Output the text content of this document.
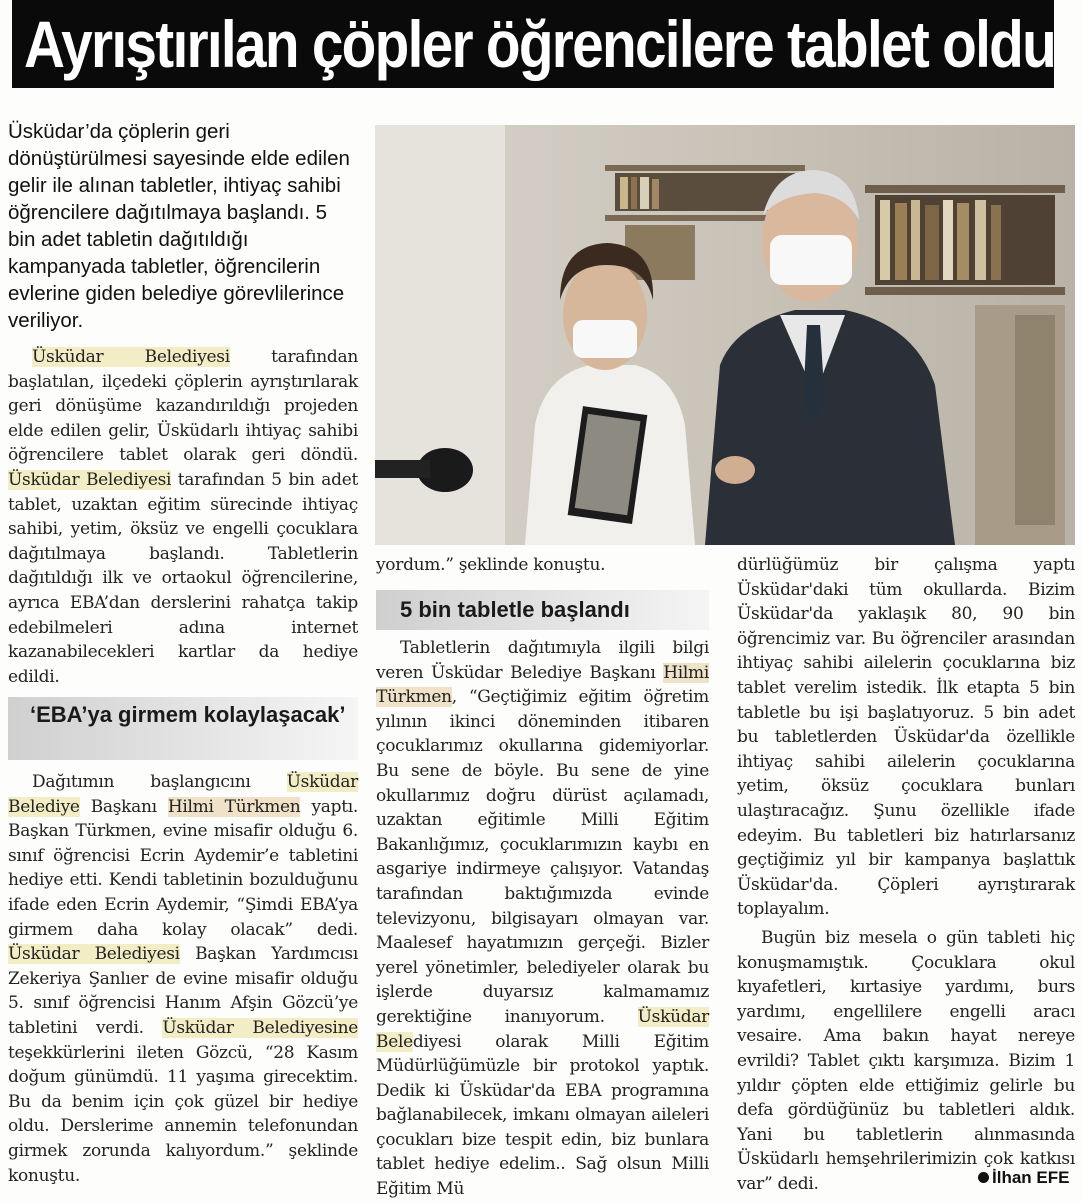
Ayrıştırılan çöpler öğrencilere tablet oldu

Üsküdar’da çöplerin geri dönüştürülmesi sayesinde elde edilen gelir ile alınan tabletler, ihtiyaç sahibi öğrencilere dağıtılmaya başlandı. 5 bin adet tabletin dağıtıldığı kampanyada tabletler, öğrencilerin evlerine giden belediye görevlilerince veriliyor.

Üsküdar Belediyesi tarafından başlatılan, ilçedeki çöplerin ayrıştırılarak geri dönüşüme kazandırıldığı projeden elde edilen gelir, Üsküdarlı ihtiyaç sahibi öğrencilere tablet olarak geri döndü. Üsküdar Belediyesi tarafından 5 bin adet tablet, uzaktan eğitim sürecinde ihtiyaç sahibi, yetim, öksüz ve engelli çocuklara dağıtılmaya başlandı. Tabletlerin dağıtıldığı ilk ve ortaokul öğrencilerine, ayrıca EBA’dan derslerini rahatça takip edebilmeleri adına internet kazanabilecekleri kartlar da hediye edildi.

‘EBA’ya girmem kolaylaşacak’

Dağıtımın başlangıcını Üsküdar Belediye Başkanı Hilmi Türkmen yaptı. Başkan Türkmen, evine misafir olduğu 6. sınıf öğrencisi Ecrin Aydemir’e tabletini hediye etti. Kendi tabletinin bozulduğunu ifade eden Ecrin Aydemir, “Şimdi EBA’ya girmem daha kolay olacak” dedi. Üsküdar Belediyesi Başkan Yardımcısı Zekeriya Şanlıer de evine misafir olduğu 5. sınıf öğrencisi Hanım Afşin Gözcü’ye tabletini verdi. Üsküdar Belediyesine teşekkürlerini ileten Gözcü, “28 Kasım doğum günümdü. 11 yaşıma girecektim. Bu da benim için çok güzel bir hediye oldu. Derslerime annemin telefonundan girmek zorunda kalıyordum.” şeklinde konuştu.

yordum.” şeklinde konuştu.

5 bin tabletle başlandı

Tabletlerin dağıtımıyla ilgili bilgi veren Üsküdar Belediye Başkanı Hilmi Türkmen, “Geçtiğimiz eğitim öğretim yılının ikinci döneminden itibaren çocuklarımız okullarına gidemiyorlar. Bu sene de böyle. Bu sene de yine okullarımız doğru dürüst açılamadı, uzaktan eğitimle Milli Eğitim Bakanlığımız, çocuklarımızın kaybı en asgariye indirmeye çalışıyor. Vatandaş tarafından baktığımızda evinde televizyonu, bilgisayarı olmayan var. Maalesef hayatımızın gerçeği. Bizler yerel yönetimler, belediyeler olarak bu işlerde duyarsız kalmamamız gerektiğine inanıyorum. Üsküdar Belediyesi olarak Milli Eğitim Müdürlüğümüzle bir protokol yaptık. Dedik ki Üsküdar'da EBA programına bağlanabilecek, imkanı olmayan aileleri çocukları bize tespit edin, biz bunlara tablet hediye edelim.. Sağ olsun Milli Eğitim Mü

dürlüğümüz bir çalışma yaptı Üsküdar'daki tüm okullarda. Bizim Üsküdar'da yaklaşık 80, 90 bin öğrencimiz var. Bu öğrenciler arasından ihtiyaç sahibi ailelerin çocuklarına biz tablet verelim istedik. İlk etapta 5 bin tabletle bu işi başlatıyoruz. 5 bin adet bu tabletlerden Üsküdar'da özellikle ihtiyaç sahibi ailelerin çocuklarına yetim, öksüz çocuklara bunları ulaştıracağız. Şunu özellikle ifade edeyim. Bu tabletleri biz hatırlarsanız geçtiğimiz yıl bir kampanya başlattık Üsküdar'da. Çöpleri ayrıştırarak toplayalım.

Bugün biz mesela o gün tableti hiç konuşmamıştık. Çocuklara okul kıyafetleri, kırtasiye yardımı, burs yardımı, engellilere engelli aracı vesaire. Ama bakın hayat nereye evrildi? Tablet çıktı karşımıza. Bizim 1 yıldır çöpten elde ettiğimiz gelirle bu defa gördüğünüz bu tabletleri aldık. Yani bu tabletlerin alınmasında Üsküdarlı hemşehrilerimizin çok katkısı var” dedi.	İlhan EFE
